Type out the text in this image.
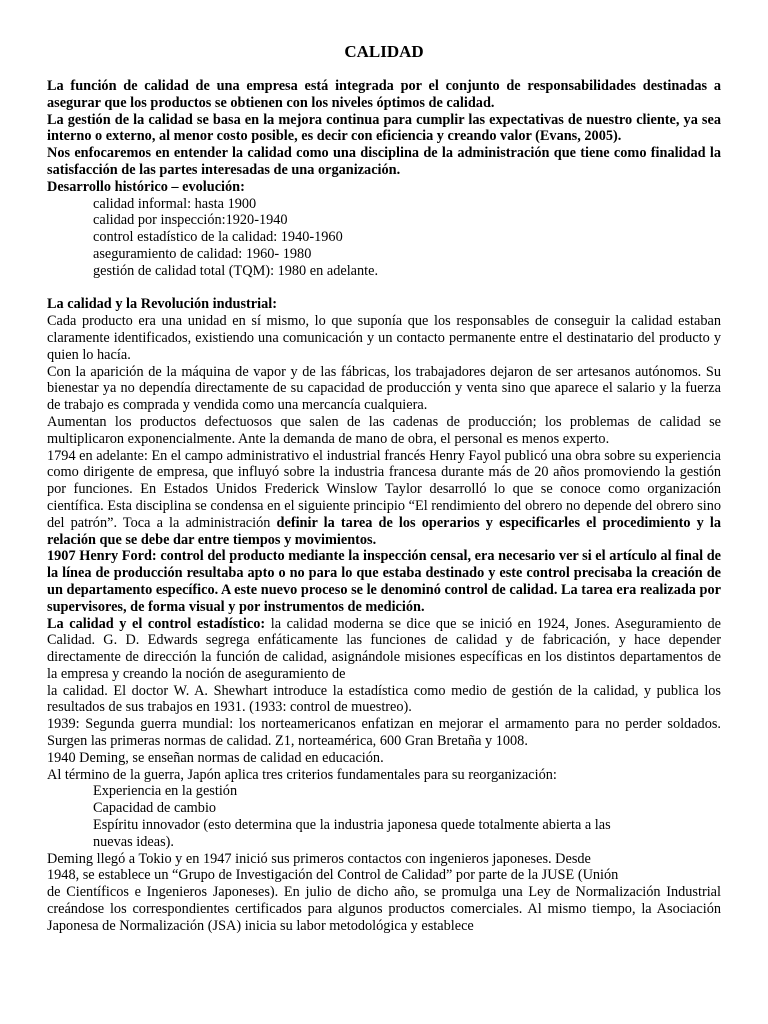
CALIDAD

La función de calidad de una empresa está integrada por el conjunto de responsabilidades destinadas a asegurar que los productos se obtienen con los niveles óptimos de calidad.

La gestión de la calidad se basa en la mejora continua para cumplir las expectativas de nuestro cliente, ya sea interno o externo, al menor costo posible, es decir con eficiencia y creando valor (Evans, 2005).

Nos enfocaremos en entender la calidad como una disciplina de la administración que tiene como finalidad la satisfacción de las partes interesadas de una organización.

Desarrollo histórico – evolución:

calidad informal: hasta 1900
calidad por inspección:1920-1940
control estadístico de la calidad: 1940-1960
aseguramiento de calidad: 1960- 1980
gestión de calidad total (TQM): 1980 en adelante.

La calidad y la Revolución industrial:

Cada producto era una unidad en sí mismo, lo que suponía que los responsables de conseguir la calidad estaban claramente identificados, existiendo una comunicación y un contacto permanente entre el destinatario del producto y quien lo hacía.

Con la aparición de la máquina de vapor y de las fábricas, los trabajadores dejaron de ser artesanos autónomos. Su bienestar ya no dependía directamente de su capacidad de producción y venta sino que aparece el salario y la fuerza de trabajo es comprada y vendida como una mercancía cualquiera.

Aumentan los productos defectuosos que salen de las cadenas de producción; los problemas de calidad se multiplicaron exponencialmente. Ante la demanda de mano de obra, el personal es menos experto.

1794 en adelante: En el campo administrativo el industrial francés Henry Fayol publicó una obra sobre su experiencia como dirigente de empresa, que influyó sobre la industria francesa durante más de 20 años promoviendo la gestión por funciones. En Estados Unidos Frederick Winslow Taylor desarrolló lo que se conoce como organización científica. Esta disciplina se condensa en el siguiente principio “El rendimiento del obrero no depende del obrero sino del patrón”. Toca a la administración definir la tarea de los operarios y especificarles el procedimiento y la relación que se debe dar entre tiempos y movimientos.

1907 Henry Ford: control del producto mediante la inspección censal, era necesario ver si el artículo al final de la línea de producción resultaba apto o no para lo que estaba destinado y este control precisaba la creación de un departamento específico. A este nuevo proceso se le denominó control de calidad. La tarea era realizada por supervisores, de forma visual y por instrumentos de medición.

La calidad y el control estadístico: la calidad moderna se dice que se inició en 1924, Jones. Aseguramiento de Calidad. G. D. Edwards segrega enfáticamente las funciones de calidad y de fabricación, y hace depender directamente de dirección la función de calidad, asignándole misiones específicas en los distintos departamentos de la empresa y creando la noción de aseguramiento de

la calidad. El doctor W. A. Shewhart introduce la estadística como medio de gestión de la calidad, y publica los resultados de sus trabajos en 1931. (1933: control de muestreo).

1939: Segunda guerra mundial: los norteamericanos enfatizan en mejorar el armamento para no perder soldados. Surgen las primeras normas de calidad. Z1, norteamérica, 600 Gran Bretaña y 1008.

1940 Deming, se enseñan normas de calidad en educación.

Al término de la guerra, Japón aplica tres criterios fundamentales para su reorganización:

Experiencia en la gestión
Capacidad de cambio
Espíritu innovador (esto determina que la industria japonesa quede totalmente abierta a las
nuevas ideas).

Deming llegó a Tokio y en 1947 inició sus primeros contactos con ingenieros japoneses. Desde

1948, se establece un “Grupo de Investigación del Control de Calidad” por parte de la JUSE (Unión

de Científicos e Ingenieros Japoneses). En julio de dicho año, se promulga una Ley de Normalización Industrial creándose los correspondientes certificados para algunos productos comerciales. Al mismo tiempo, la Asociación Japonesa de Normalización (JSA) inicia su labor metodológica y establece
